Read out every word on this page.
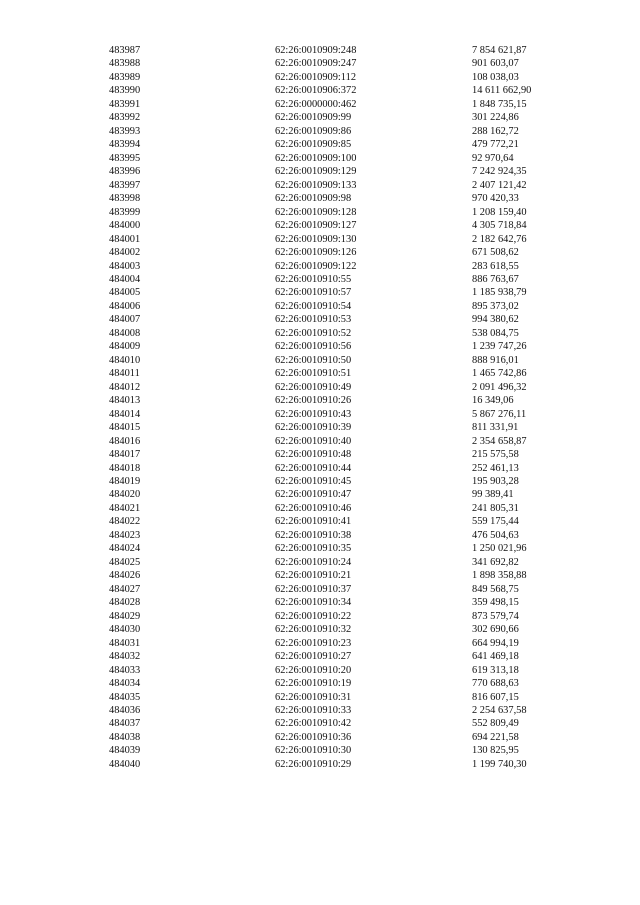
483987	62:26:0010909:248	7 854 621,87
483988	62:26:0010909:247	901 603,07
483989	62:26:0010909:112	108 038,03
483990	62:26:0010906:372	14 611 662,90
483991	62:26:0000000:462	1 848 735,15
483992	62:26:0010909:99	301 224,86
483993	62:26:0010909:86	288 162,72
483994	62:26:0010909:85	479 772,21
483995	62:26:0010909:100	92 970,64
483996	62:26:0010909:129	7 242 924,35
483997	62:26:0010909:133	2 407 121,42
483998	62:26:0010909:98	970 420,33
483999	62:26:0010909:128	1 208 159,40
484000	62:26:0010909:127	4 305 718,84
484001	62:26:0010909:130	2 182 642,76
484002	62:26:0010909:126	671 508,62
484003	62:26:0010909:122	283 618,55
484004	62:26:0010910:55	886 763,67
484005	62:26:0010910:57	1 185 938,79
484006	62:26:0010910:54	895 373,02
484007	62:26:0010910:53	994 380,62
484008	62:26:0010910:52	538 084,75
484009	62:26:0010910:56	1 239 747,26
484010	62:26:0010910:50	888 916,01
484011	62:26:0010910:51	1 465 742,86
484012	62:26:0010910:49	2 091 496,32
484013	62:26:0010910:26	16 349,06
484014	62:26:0010910:43	5 867 276,11
484015	62:26:0010910:39	811 331,91
484016	62:26:0010910:40	2 354 658,87
484017	62:26:0010910:48	215 575,58
484018	62:26:0010910:44	252 461,13
484019	62:26:0010910:45	195 903,28
484020	62:26:0010910:47	99 389,41
484021	62:26:0010910:46	241 805,31
484022	62:26:0010910:41	559 175,44
484023	62:26:0010910:38	476 504,63
484024	62:26:0010910:35	1 250 021,96
484025	62:26:0010910:24	341 692,82
484026	62:26:0010910:21	1 898 358,88
484027	62:26:0010910:37	849 568,75
484028	62:26:0010910:34	359 498,15
484029	62:26:0010910:22	873 579,74
484030	62:26:0010910:32	302 690,66
484031	62:26:0010910:23	664 994,19
484032	62:26:0010910:27	641 469,18
484033	62:26:0010910:20	619 313,18
484034	62:26:0010910:19	770 688,63
484035	62:26:0010910:31	816 607,15
484036	62:26:0010910:33	2 254 637,58
484037	62:26:0010910:42	552 809,49
484038	62:26:0010910:36	694 221,58
484039	62:26:0010910:30	130 825,95
484040	62:26:0010910:29	1 199 740,30
